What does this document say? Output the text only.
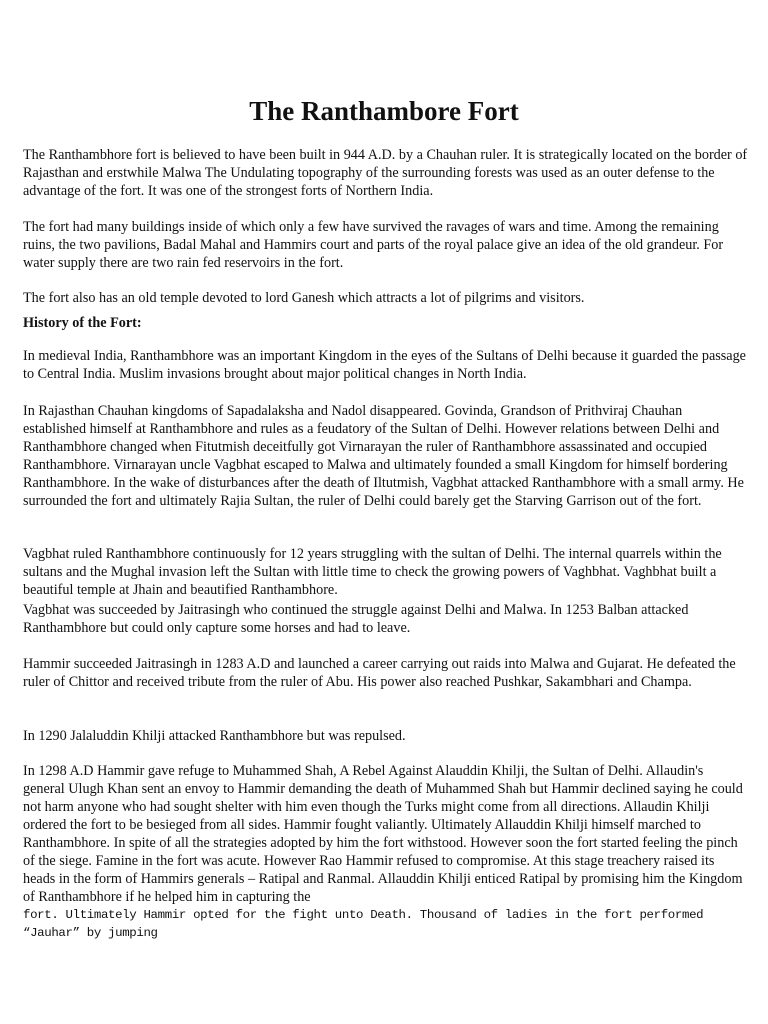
The Ranthambore Fort

The Ranthambhore fort is believed to have been built in 944 A.D. by a Chauhan ruler. It is strategically located on the border of Rajasthan and erstwhile Malwa The Undulating topography of the surrounding forests was used as an outer defense to the advantage of the fort. It was one of the strongest forts of Northern India.

The fort had many buildings inside of which only a few have survived the ravages of wars and time. Among the remaining ruins, the two pavilions, Badal Mahal and Hammirs court and parts of the royal palace give an idea of the old grandeur. For water supply there are two rain fed reservoirs in the fort.

The fort also has an old temple devoted to lord Ganesh which attracts a lot of pilgrims and visitors.

History of the Fort:

In medieval India, Ranthambhore was an important Kingdom in the eyes of the Sultans of Delhi because it guarded the passage to Central India. Muslim invasions brought about major political changes in North India.

In Rajasthan Chauhan kingdoms of Sapadalaksha and Nadol disappeared. Govinda, Grandson of Prithviraj Chauhan established himself at Ranthambhore and rules as a feudatory of the Sultan of Delhi. However relations between Delhi and Ranthambhore changed when Fitutmish deceitfully got Virnarayan the ruler of Ranthambhore assassinated and occupied Ranthambhore. Virnarayan uncle Vagbhat escaped to Malwa and ultimately founded a small Kingdom for himself bordering Ranthambhore. In the wake of disturbances after the death of Iltutmish, Vagbhat attacked Ranthambhore with a small army. He surrounded the fort and ultimately Rajia Sultan, the ruler of Delhi could barely get the Starving Garrison out of the fort.

Vagbhat ruled Ranthambhore continuously for 12 years struggling with the sultan of Delhi. The internal quarrels within the sultans and the Mughal invasion left the Sultan with little time to check the growing powers of Vaghbhat. Vaghbhat built a beautiful temple at Jhain and beautified Ranthambhore.

Vagbhat was succeeded by Jaitrasingh who continued the struggle against Delhi and Malwa. In 1253 Balban attacked Ranthambhore but could only capture some horses and had to leave.

Hammir succeeded Jaitrasingh in 1283 A.D and launched a career carrying out raids into Malwa and Gujarat. He defeated the ruler of Chittor and received tribute from the ruler of Abu. His power also reached Pushkar, Sakambhari and Champa.

In 1290 Jalaluddin Khilji attacked Ranthambhore but was repulsed.

In 1298 A.D Hammir gave refuge to Muhammed Shah, A Rebel Against Alauddin Khilji, the Sultan of Delhi. Allaudin's general Ulugh Khan sent an envoy to Hammir demanding the death of Muhammed Shah but Hammir declined saying he could not harm anyone who had sought shelter with him even though the Turks might come from all directions. Allaudin Khilji ordered the fort to be besieged from all sides. Hammir fought valiantly. Ultimately Allauddin Khilji himself marched to Ranthambhore. In spite of all the strategies adopted by him the fort withstood. However soon the fort started feeling the pinch of the siege. Famine in the fort was acute. However Rao Hammir refused to compromise. At this stage treachery raised its heads in the form of Hammirs generals – Ratipal and Ranmal. Allauddin Khilji enticed Ratipal by promising him the Kingdom of Ranthambhore if he helped him in capturing the

fort. Ultimately Hammir opted for the fight unto Death. Thousand of ladies in the fort performed “Jauhar” by jumping
